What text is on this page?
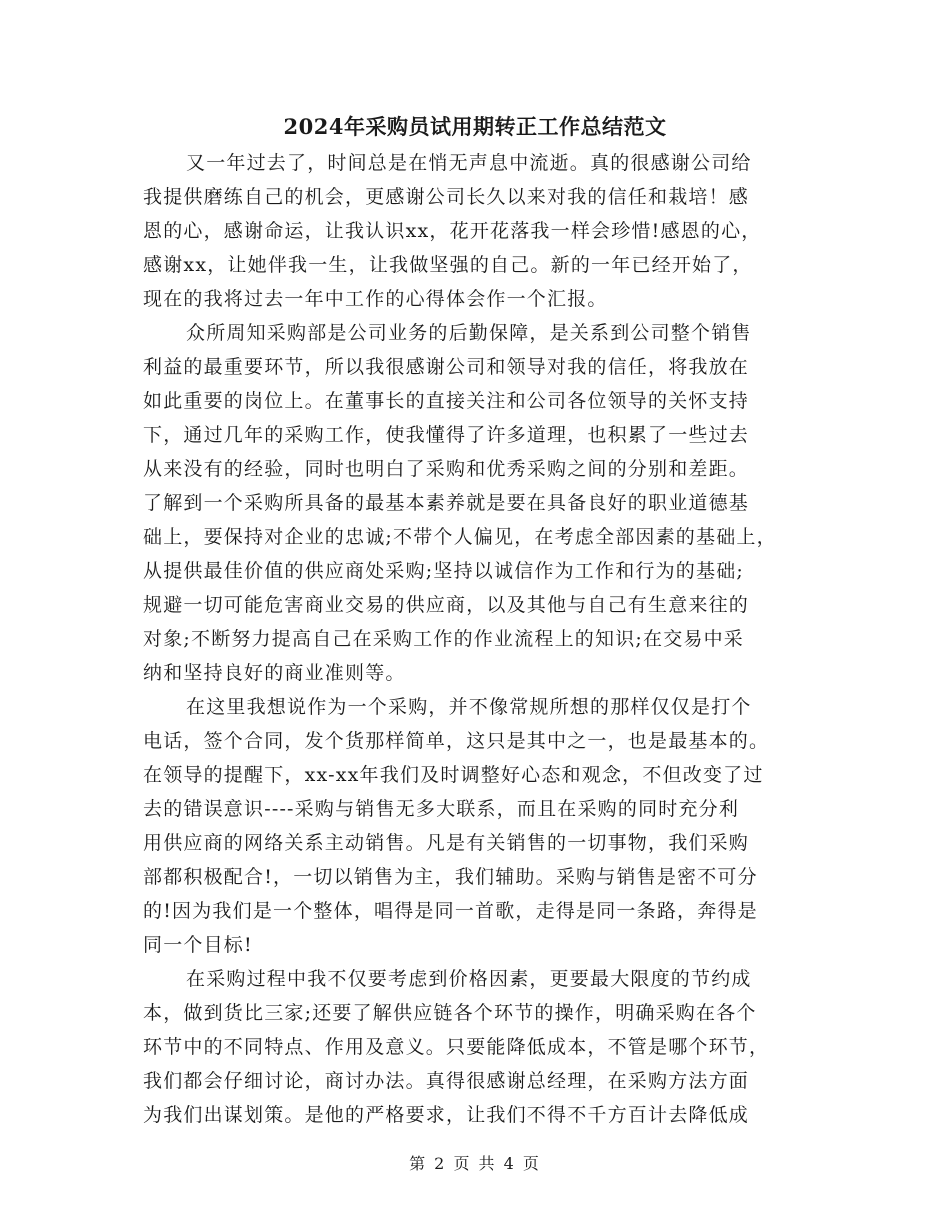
2024年采购员试用期转正工作总结范文
又一年过去了，时间总是在悄无声息中流逝。真的很感谢公司给
我提供磨练自己的机会，更感谢公司长久以来对我的信任和栽培！感
恩的心，感谢命运，让我认识xx，花开花落我一样会珍惜!感恩的心，
感谢xx，让她伴我一生，让我做坚强的自己。新的一年已经开始了，
现在的我将过去一年中工作的心得体会作一个汇报。
众所周知采购部是公司业务的后勤保障，是关系到公司整个销售
利益的最重要环节，所以我很感谢公司和领导对我的信任，将我放在
如此重要的岗位上。在董事长的直接关注和公司各位领导的关怀支持
下，通过几年的采购工作，使我懂得了许多道理，也积累了一些过去
从来没有的经验，同时也明白了采购和优秀采购之间的分别和差距。
了解到一个采购所具备的最基本素养就是要在具备良好的职业道德基
础上，要保持对企业的忠诚;不带个人偏见，在考虑全部因素的基础上，
从提供最佳价值的供应商处采购;坚持以诚信作为工作和行为的基础;
规避一切可能危害商业交易的供应商，以及其他与自己有生意来往的
对象;不断努力提高自己在采购工作的作业流程上的知识;在交易中采
纳和坚持良好的商业准则等。
在这里我想说作为一个采购，并不像常规所想的那样仅仅是打个
电话，签个合同，发个货那样简单，这只是其中之一，也是最基本的。
在领导的提醒下，xx-xx年我们及时调整好心态和观念，不但改变了过
去的错误意识----采购与销售无多大联系，而且在采购的同时充分利
用供应商的网络关系主动销售。凡是有关销售的一切事物，我们采购
部都积极配合!，一切以销售为主，我们辅助。采购与销售是密不可分
的!因为我们是一个整体，唱得是同一首歌，走得是同一条路，奔得是
同一个目标!
在采购过程中我不仅要考虑到价格因素，更要最大限度的节约成
本，做到货比三家;还要了解供应链各个环节的操作，明确采购在各个
环节中的不同特点、作用及意义。只要能降低成本，不管是哪个环节，
我们都会仔细讨论，商讨办法。真得很感谢总经理，在采购方法方面
为我们出谋划策。是他的严格要求，让我们不得不千方百计去降低成
第 2 页 共 4 页
